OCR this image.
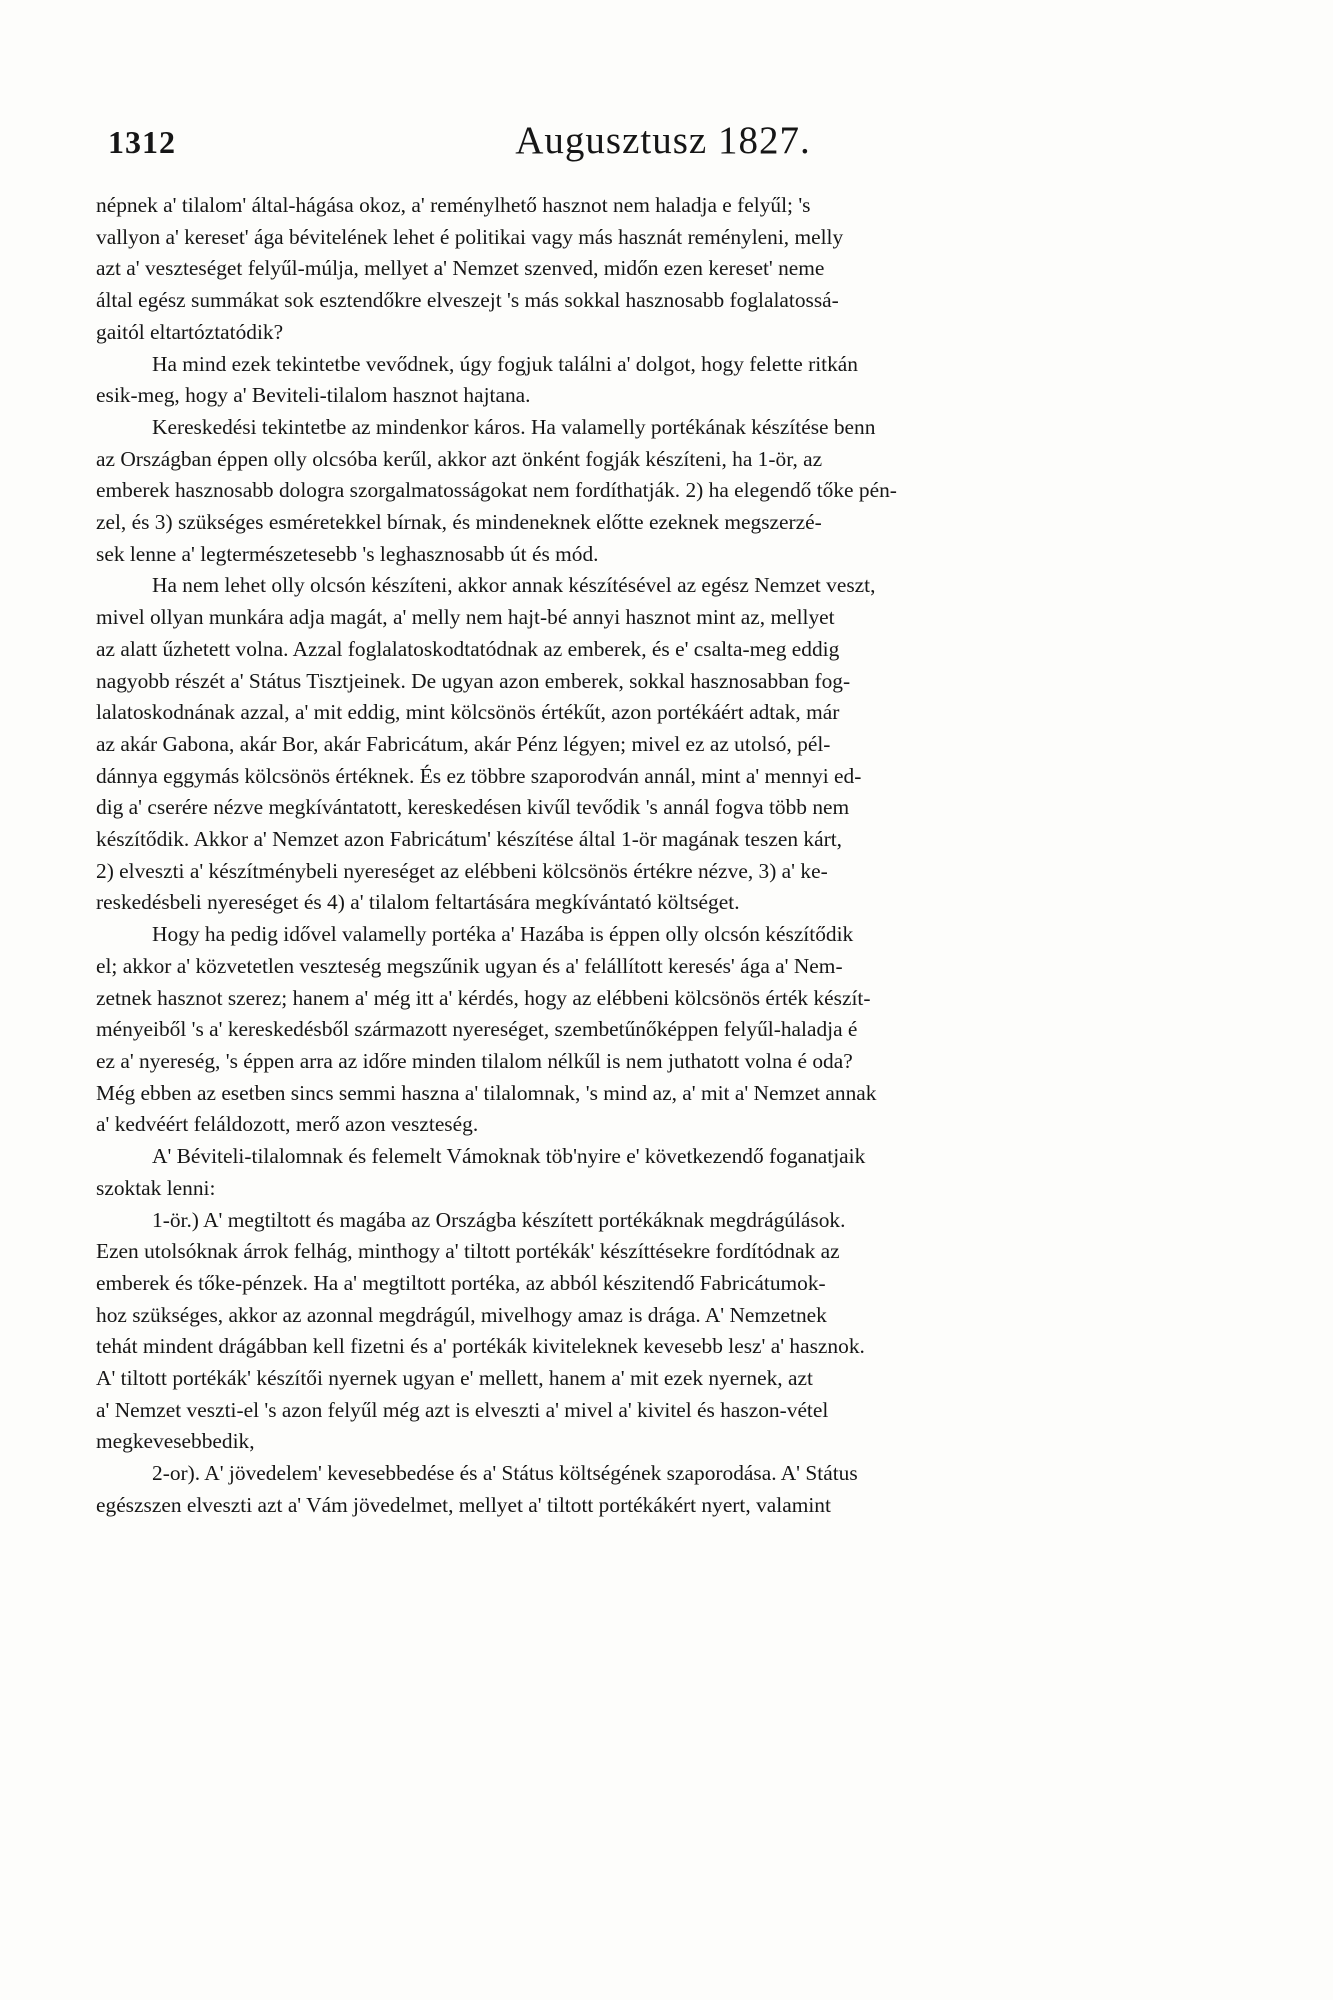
1312	Augusztusz 1827.
népnek a' tilalom' által-hágása okoz, a' reménylhető hasznot nem haladja e felyűl; 's
vallyon a' kereset' ága bévitelének lehet é politikai vagy más hasznát reményleni, melly
azt a' veszteséget felyűl-múlja, mellyet a' Nemzet szenved, midőn ezen kereset' neme
által egész summákat sok esztendőkre elveszejt 's más sokkal hasznosabb foglalatossá-
gaitól eltartóztatódik?
Ha mind ezek tekintetbe vevődnek, úgy fogjuk találni a' dolgot, hogy felette ritkán
esik-meg, hogy a' Beviteli-tilalom hasznot hajtana.
Kereskedési tekintetbe az mindenkor káros. Ha valamelly portékának készítése benn
az Országban éppen olly olcsóba kerűl, akkor azt önként fogják készíteni, ha 1-ör, az
emberek hasznosabb dologra szorgalmatosságokat nem fordíthatják. 2) ha elegendő tőke pén-
zel, és 3) szükséges esméretekkel bírnak, és mindeneknek előtte ezeknek megszerzé-
sek lenne a' legtermészetesebb 's leghasznosabb út és mód.
Ha nem lehet olly olcsón készíteni, akkor annak készítésével az egész Nemzet veszt,
mivel ollyan munkára adja magát, a' melly nem hajt-bé annyi hasznot mint az, mellyet
az alatt űzhetett volna. Azzal foglalatoskodtatódnak az emberek, és e' csalta-meg eddig
nagyobb részét a' Státus Tisztjeinek. De ugyan azon emberek, sokkal hasznosabban fog-
lalatoskodnának azzal, a' mit eddig, mint kölcsönös értékűt, azon portékáért adtak, már
az akár Gabona, akár Bor, akár Fabricátum, akár Pénz légyen; mivel ez az utolsó, pél-
dánnya eggymás kölcsönös értéknek. És ez többre szaporodván annál, mint a' mennyi ed-
dig a' cserére nézve megkívántatott, kereskedésen kivűl tevődik 's annál fogva több nem
készítődik. Akkor a' Nemzet azon Fabricátum' készítése által 1-ör magának teszen kárt,
2) elveszti a' készítménybeli nyereséget az elébbeni kölcsönös értékre nézve, 3) a' ke-
reskedésbeli nyereséget és 4) a' tilalom feltartására megkívántató költséget.
Hogy ha pedig idővel valamelly portéka a' Hazába is éppen olly olcsón készítődik
el; akkor a' közvetetlen veszteség megszűnik ugyan és a' felállított keresés' ága a' Nem-
zetnek hasznot szerez; hanem a' még itt a' kérdés, hogy az elébbeni kölcsönös érték készít-
ményeiből 's a' kereskedésből származott nyereséget, szembetűnőképpen felyűl-haladja é
ez a' nyereség, 's éppen arra az időre minden tilalom nélkűl is nem juthatott volna é oda?
Még ebben az esetben sincs semmi haszna a' tilalomnak, 's mind az, a' mit a' Nemzet annak
a' kedvéért feláldozott, merő azon veszteség.
A' Béviteli-tilalomnak és felemelt Vámoknak töb'nyire e' következendő foganatjaik
szoktak lenni:
1-ör.) A' megtiltott és magába az Országba készített portékáknak megdrágúlások.
Ezen utolsóknak árrok felhág, minthogy a' tiltott portékák' készíttésekre fordítódnak az
emberek és tőke-pénzek. Ha a' megtiltott portéka, az abból készitendő Fabricátumok-
hoz szükséges, akkor az azonnal megdrágúl, mivelhogy amaz is drága. A' Nemzetnek
tehát mindent drágábban kell fizetni és a' portékák kiviteleknek kevesebb lesz' a' hasznok.
A' tiltott portékák' készítői nyernek ugyan e' mellett, hanem a' mit ezek nyernek, azt
a' Nemzet veszti-el 's azon felyűl még azt is elveszti a' mivel a' kivitel és haszon-vétel
megkevesebbedik,
2-or). A' jövedelem' kevesebbedése és a' Státus költségének szaporodása. A' Státus
egészszen elveszti azt a' Vám jövedelmet, mellyet a' tiltott portékákért nyert, valamint
